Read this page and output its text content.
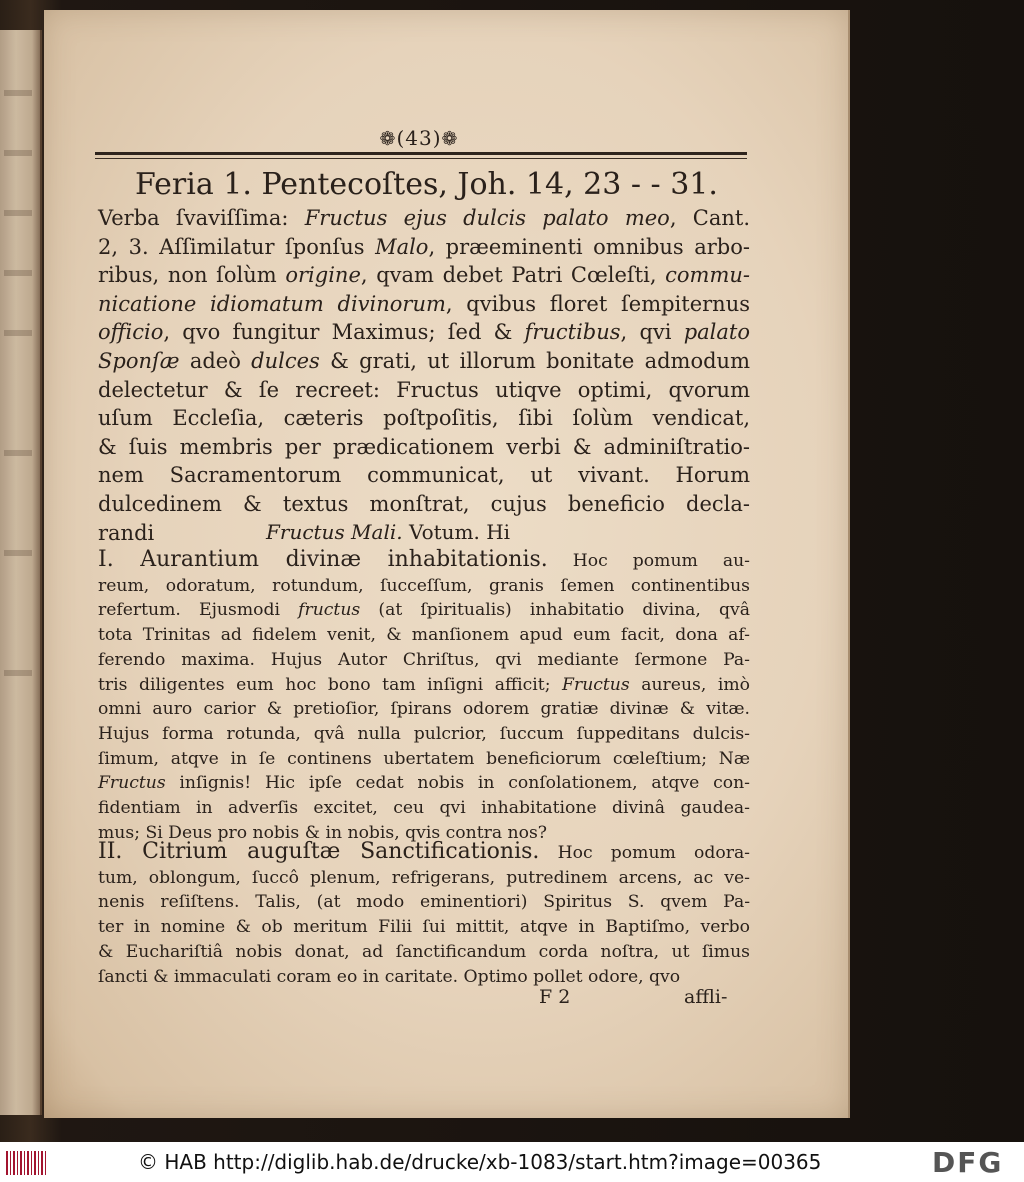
❁(43)❁
Feria 1. Pentecoſtes, Joh. 14, 23 - - 31.
Verba ſvaviſſima: Fructus ejus dulcis palato meo, Cant.
2, 3. Aſſimilatur ſponſus Malo, præeminenti omnibus arbo-
ribus, non ſolùm origine, qvam debet Patri Cœleſti, commu-
nicatione idiomatum divinorum, qvibus floret ſempiternus
officio, qvo fungitur Maximus; ſed & fructibus, qvi palato
Sponſæ adeò dulces & grati, ut illorum bonitate admodum
delectetur & ſe recreet: Fructus utiqve optimi, qvorum
uſum Eccleſia, cæteris poſtpoſitis, ſibi ſolùm vendicat,
& ſuis membris per prædicationem verbi & adminiſtratio-
nem Sacramentorum communicat, ut vivant. Horum
dulcedinem & textus monſtrat, cujus beneficio decla-
randi	Fructus Mali. Votum. Hi
I. Aurantium divinæ inhabitationis. Hoc pomum au-
reum, odoratum, rotundum, ſucceſſum, granis ſemen continentibus
refertum. Ejusmodi fructus (at ſpiritualis) inhabitatio divina, qvâ
tota Trinitas ad fidelem venit, & manſionem apud eum facit, dona af-
ferendo maxima. Hujus Autor Chriſtus, qvi mediante ſermone Pa-
tris diligentes eum hoc bono tam inſigni afficit; Fructus aureus, imò
omni auro carior & pretioſior, ſpirans odorem gratiæ divinæ & vitæ.
Hujus forma rotunda, qvâ nulla pulcrior, ſuccum ſuppeditans dulcis-
ſimum, atqve in ſe continens ubertatem beneficiorum cœleſtium; Næ
Fructus inſignis! Hic ipſe cedat nobis in conſolationem, atqve con-
fidentiam in adverſis excitet, ceu qvi inhabitatione divinâ gaudea-
mus; Si Deus pro nobis & in nobis, qvis contra nos?
II. Citrium auguſtæ Sanctificationis. Hoc pomum odora-
tum, oblongum, ſuccô plenum, refrigerans, putredinem arcens, ac ve-
nenis reſiſtens. Talis, (at modo eminentiori) Spiritus S. qvem Pa-
ter in nomine & ob meritum Filii ſui mittit, atqve in Baptiſmo, verbo
& Euchariſtiâ nobis donat, ad ſanctificandum corda noſtra, ut ſimus
ſancti & immaculati coram eo in caritate. Optimo pollet odore, qvo
F 2	affli-
© HAB http://diglib.hab.de/drucke/xb-1083/start.htm?image=00365	DFG
